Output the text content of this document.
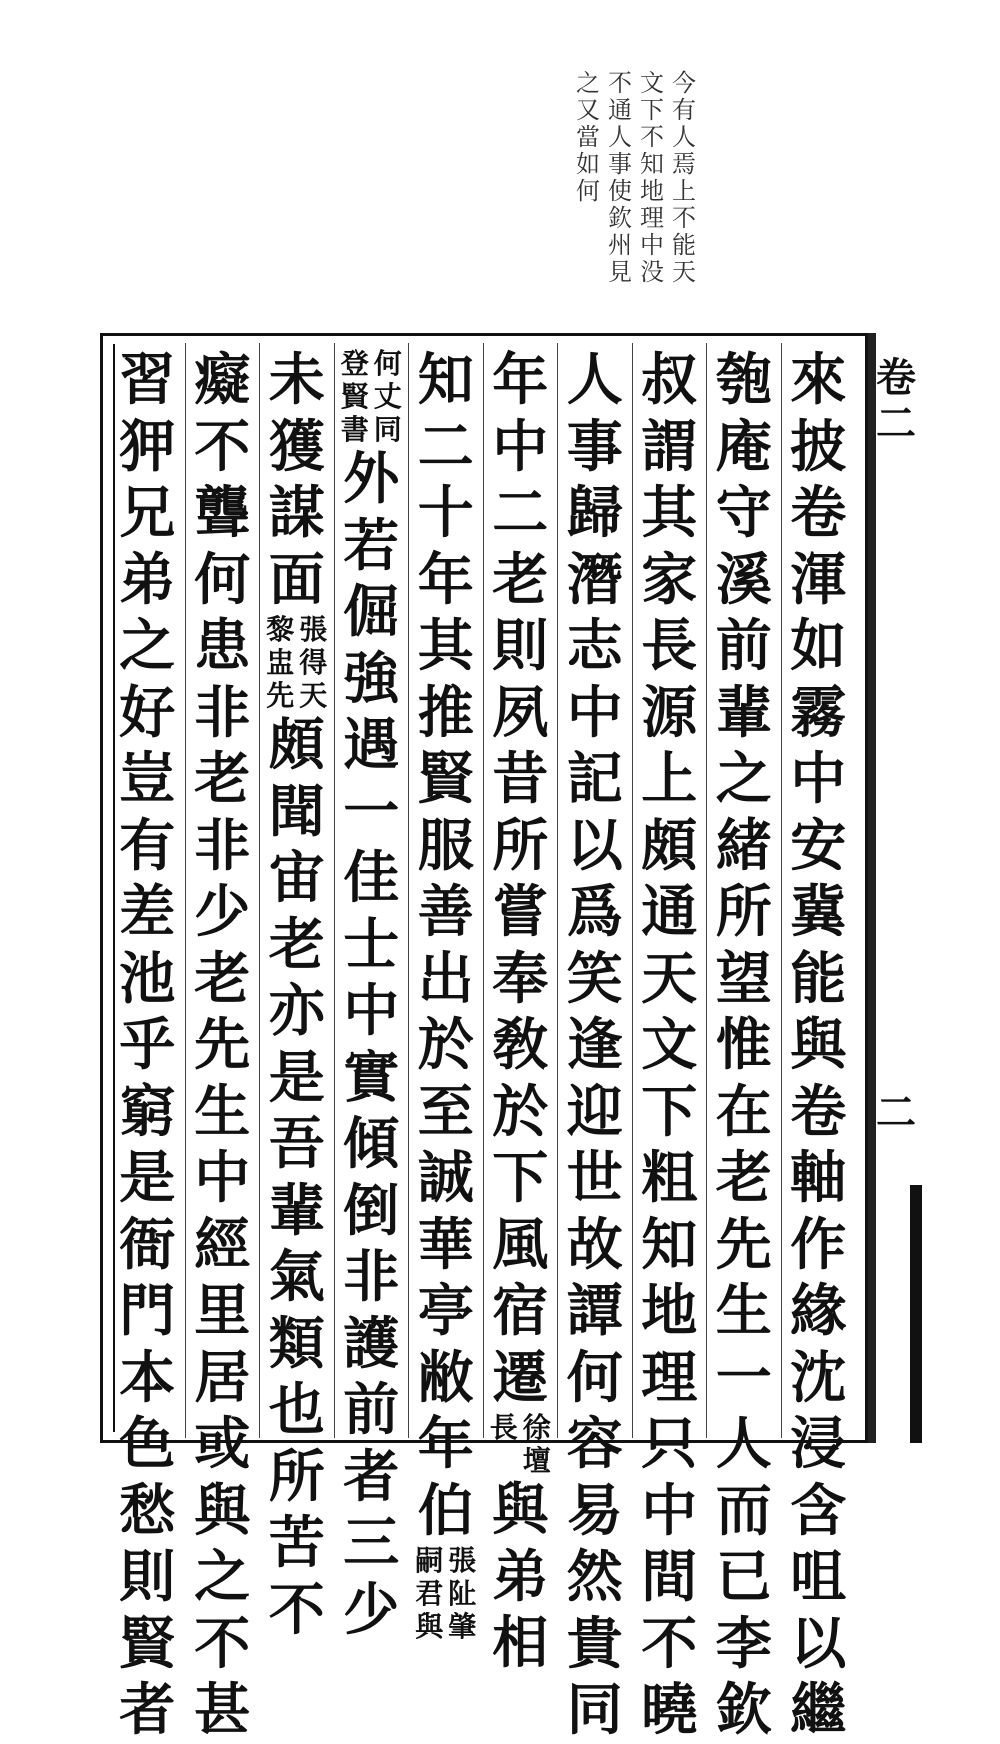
今有人焉上不能天
文下不知地理中没
不通人事使欽州見
之又當如何
來
披
卷
渾
如
霧
中
安
冀
能
與
卷
軸
作
緣
沈
浸
含
咀
以
繼
匏
庵
守
溪
前
輩
之
緒
所
望
惟
在
老
先
生
一
人
而
已
李
欽
叔
謂
其
家
長
源
上
頗
通
天
文
下
粗
知
地
理
只
中
間
不
曉
人
事
歸
潛
志
中
記
以
爲
笑
逢
迎
世
故
譚
何
容
易
然
貴
同
年
中
二
老
則
夙
昔
所
嘗
奉
敎
於
下
風
宿
遷
徐
長
壇
與
弟
相
知
二
十
年
其
推
賢
服
善
出
於
至
誠
華
亭
敝
年
伯
張
嗣
阯
君
肇
與
何
登
丈
賢
同
書
外
若
倔
強
遇
一
佳
士
中
實
傾
倒
非
護
前
者
三
少
未
獲
謀
面
張
黎
得
盅
天
先
頗
聞
宙
老
亦
是
吾
輩
氣
類
也
所
苦
不
癡
不
聾
何
患
非
老
非
少
老
先
生
中
經
里
居
或
與
之
不
甚
習
狎
兄
弟
之
好
豈
有
差
池
乎
窮
是
衙
門
本
色
愁
則
賢
者
卷
二
二
